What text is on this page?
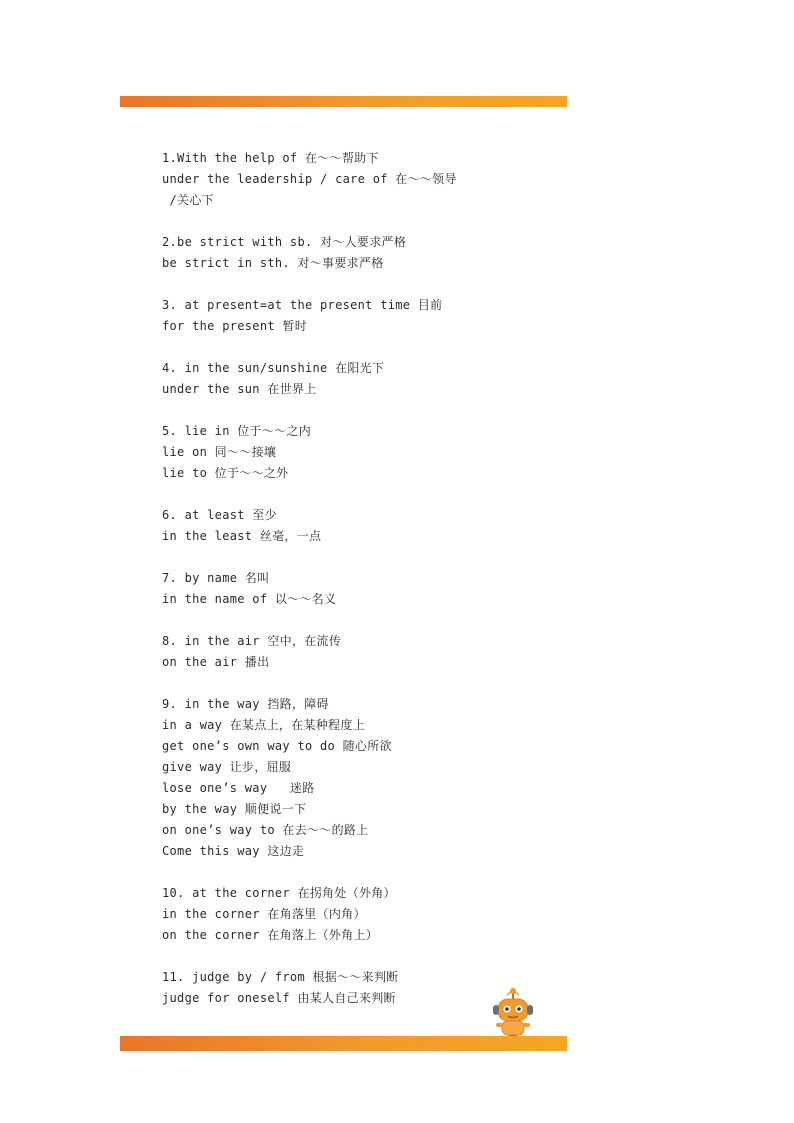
1.With the help of 在～～帮助下
under the leadership / care of 在～～领导
/关心下
2.be strict with sb. 对～人要求严格
be strict in sth. 对～事要求严格
3. at present=at the present time 目前
for the present 暂时
4. in the sun/sunshine 在阳光下
under the sun 在世界上
5. lie in 位于～～之内
lie on 同～～接壤
lie to 位于～～之外
6. at least 至少
in the least 丝毫，一点
7. by name 名叫
in the name of 以～～名义
8. in the air 空中，在流传
on the air 播出
9. in the way 挡路，障碍
in a way 在某点上，在某种程度上
get one’s own way to do 随心所欲
give way 让步，屈服
lose one’s way   迷路
by the way 顺便说一下
on one’s way to 在去～～的路上
Come this way 这边走
10. at the corner 在拐角处（外角）
in the corner 在角落里（内角）
on the corner 在角落上（外角上）
11. judge by / from 根据～～来判断
judge for oneself 由某人自己来判断
